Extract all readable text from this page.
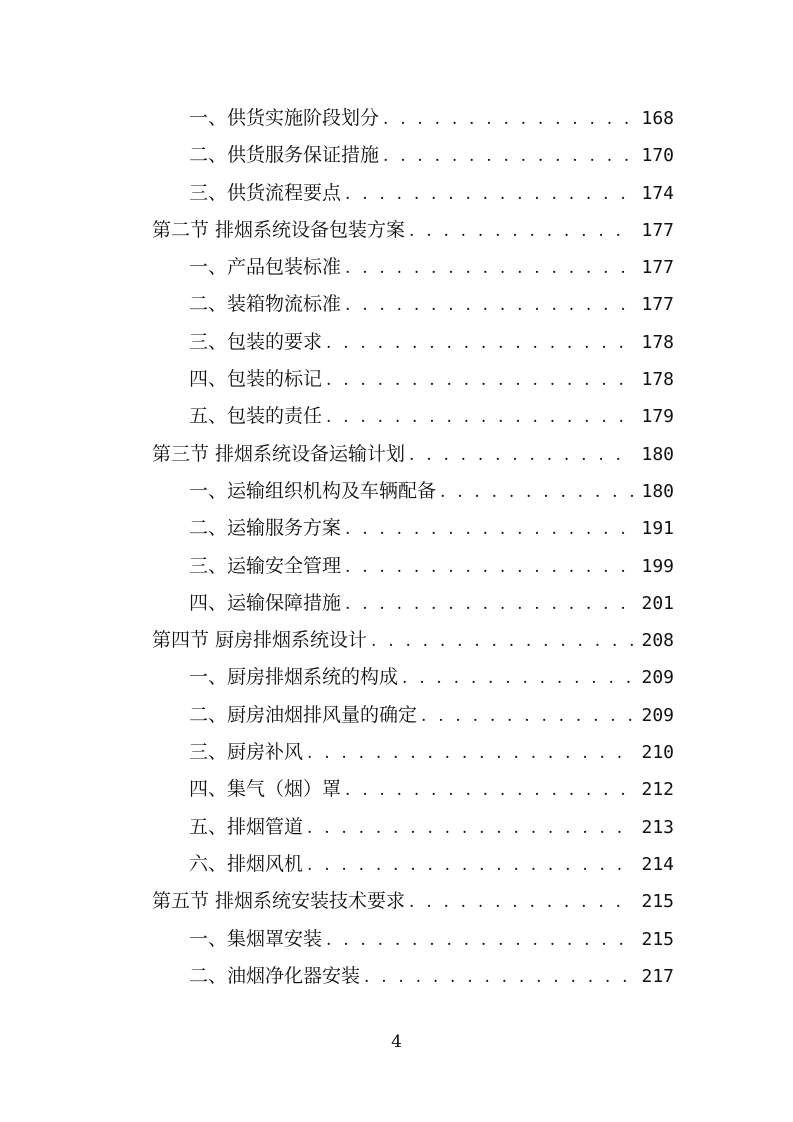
一、供货实施阶段划分 . . .	168
二、供货服务保证措施 . . .	170
三、供货流程要点 . . .	174
第二节 排烟系统设备包装方案 . . .	177
一、产品包装标准 . . .	177
二、装箱物流标准 . . .	177
三、包装的要求 . . .	178
四、包装的标记 . . .	178
五、包装的责任 . . .	179
第三节 排烟系统设备运输计划 . . .	180
一、运输组织机构及车辆配备 . . .	180
二、运输服务方案 . . .	191
三、运输安全管理 . . .	199
四、运输保障措施 . . .	201
第四节 厨房排烟系统设计 . . .	208
一、厨房排烟系统的构成 . . .	209
二、厨房油烟排风量的确定 . . .	209
三、厨房补风 . . .	210
四、集气（烟）罩 . . .	212
五、排烟管道 . . .	213
六、排烟风机 . . .	214
第五节 排烟系统安装技术要求 . . .	215
一、集烟罩安装 . . .	215
二、油烟净化器安装 . . .	217
4
